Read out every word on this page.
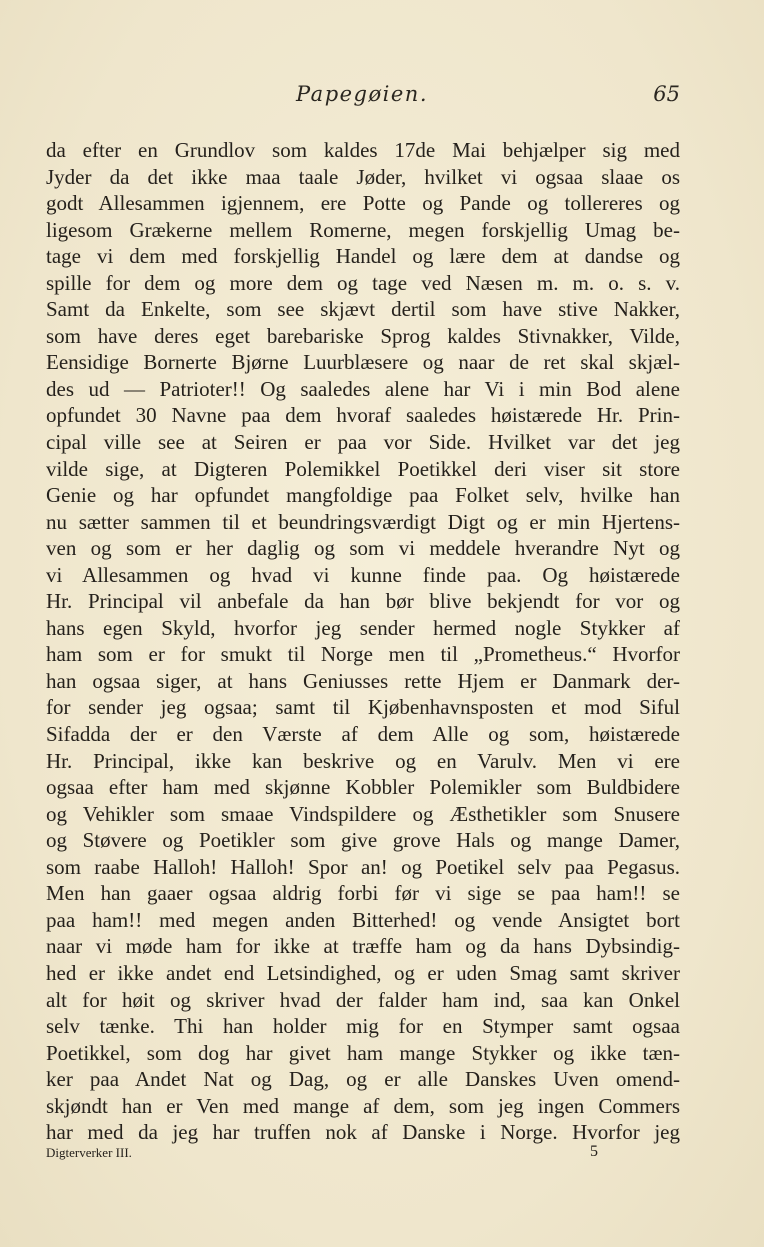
Papegøien.	65
da efter en Grundlov som kaldes 17de Mai behjælper sig med
Jyder da det ikke maa taale Jøder, hvilket vi ogsaa slaae os
godt Allesammen igjennem, ere Potte og Pande og tollereres og
ligesom Grækerne mellem Romerne, megen forskjellig Umag be-
tage vi dem med forskjellig Handel og lære dem at dandse og
spille for dem og more dem og tage ved Næsen m. m. o. s. v.
Samt da Enkelte, som see skjævt dertil som have stive Nakker,
som have deres eget barebariske Sprog kaldes Stivnakker, Vilde,
Eensidige Bornerte Bjørne Luurblæsere og naar de ret skal skjæl-
des ud — Patrioter!! Og saaledes alene har Vi i min Bod alene
opfundet 30 Navne paa dem hvoraf saaledes høistærede Hr. Prin-
cipal ville see at Seiren er paa vor Side. Hvilket var det jeg
vilde sige, at Digteren Polemikkel Poetikkel deri viser sit store
Genie og har opfundet mangfoldige paa Folket selv, hvilke han
nu sætter sammen til et beundringsværdigt Digt og er min Hjertens-
ven og som er her daglig og som vi meddele hverandre Nyt og
vi Allesammen og hvad vi kunne finde paa. Og høistærede
Hr. Principal vil anbefale da han bør blive bekjendt for vor og
hans egen Skyld, hvorfor jeg sender hermed nogle Stykker af
ham som er for smukt til Norge men til „Prometheus.“ Hvorfor
han ogsaa siger, at hans Geniusses rette Hjem er Danmark der-
for sender jeg ogsaa; samt til Kjøbenhavnsposten et mod Siful
Sifadda der er den Værste af dem Alle og som, høistærede
Hr. Principal, ikke kan beskrive og en Varulv. Men vi ere
ogsaa efter ham med skjønne Kobbler Polemikler som Buldbidere
og Vehikler som smaae Vindspildere og Æsthetikler som Snusere
og Støvere og Poetikler som give grove Hals og mange Damer,
som raabe Halloh! Halloh! Spor an! og Poetikel selv paa Pegasus.
Men han gaaer ogsaa aldrig forbi før vi sige se paa ham!! se
paa ham!! med megen anden Bitterhed! og vende Ansigtet bort
naar vi møde ham for ikke at træffe ham og da hans Dybsindig-
hed er ikke andet end Letsindighed, og er uden Smag samt skriver
alt for høit og skriver hvad der falder ham ind, saa kan Onkel
selv tænke. Thi han holder mig for en Stymper samt ogsaa
Poetikkel, som dog har givet ham mange Stykker og ikke tæn-
ker paa Andet Nat og Dag, og er alle Danskes Uven omend-
skjøndt han er Ven med mange af dem, som jeg ingen Commers
har med da jeg har truffen nok af Danske i Norge. Hvorfor jeg
Digterverker III.	5
